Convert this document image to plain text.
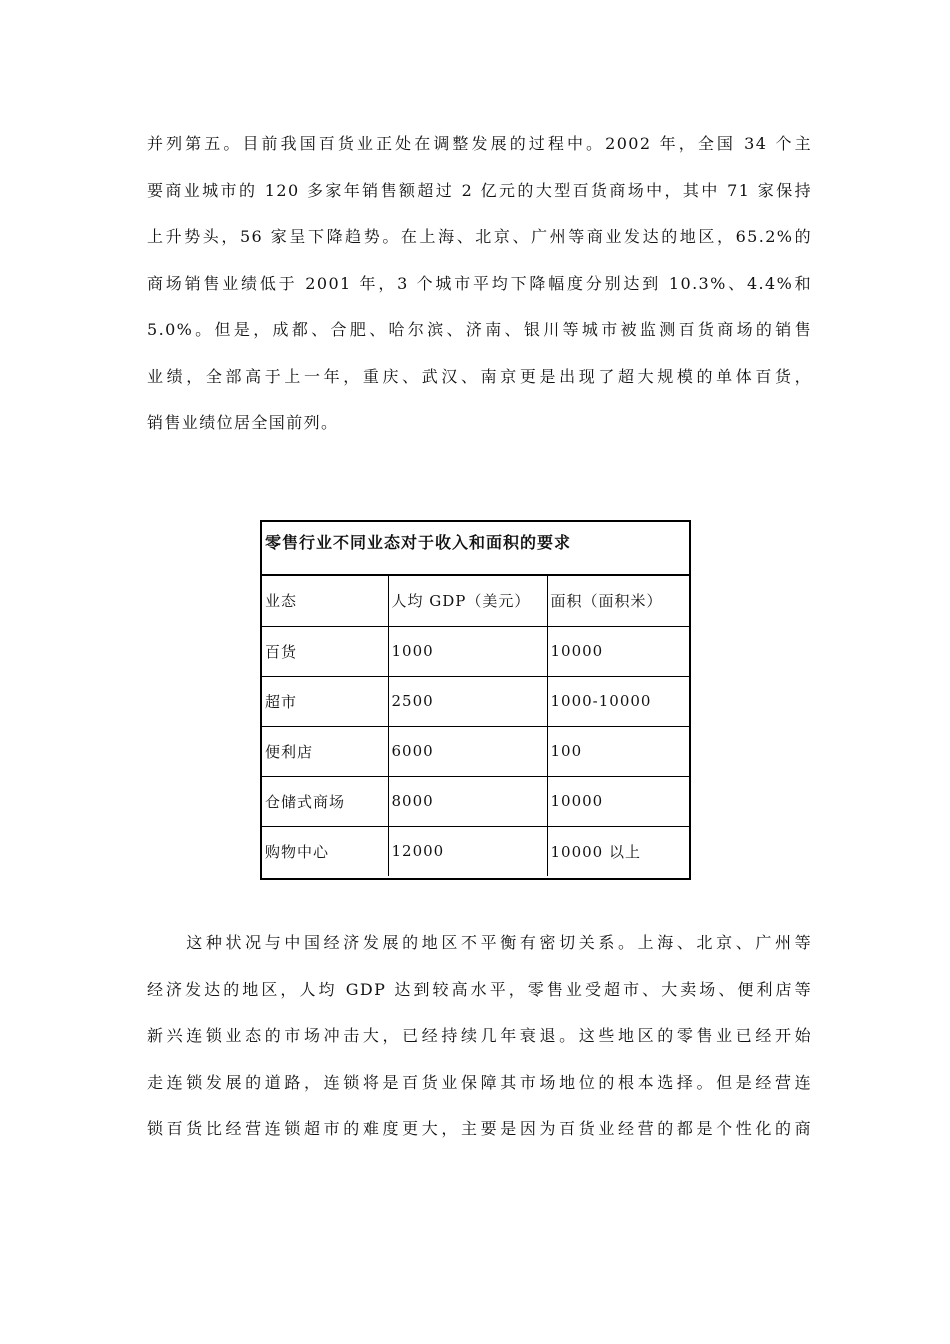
并列第五。目前我国百货业正处在调整发展的过程中。2002 年，全国 34 个主
要商业城市的 120 多家年销售额超过 2 亿元的大型百货商场中，其中 71 家保持
上升势头，56 家呈下降趋势。在上海、北京、广州等商业发达的地区，65.2%的
商场销售业绩低于 2001 年，3 个城市平均下降幅度分别达到 10.3%、4.4%和
5.0%。但是，成都、合肥、哈尔滨、济南、银川等城市被监测百货商场的销售
业绩，全部高于上一年，重庆、武汉、南京更是出现了超大规模的单体百货，
销售业绩位居全国前列。
零售行业不同业态对于收入和面积的要求
业态	人均 GDP（美元）	面积（面积米）
百货	1000	10000
超市	2500	1000-10000
便利店	6000	100
仓储式商场	8000	10000
购物中心	12000	10000 以上
　　这种状况与中国经济发展的地区不平衡有密切关系。上海、北京、广州等
经济发达的地区，人均 GDP 达到较高水平，零售业受超市、大卖场、便利店等
新兴连锁业态的市场冲击大，已经持续几年衰退。这些地区的零售业已经开始
走连锁发展的道路，连锁将是百货业保障其市场地位的根本选择。但是经营连
锁百货比经营连锁超市的难度更大，主要是因为百货业经营的都是个性化的商
